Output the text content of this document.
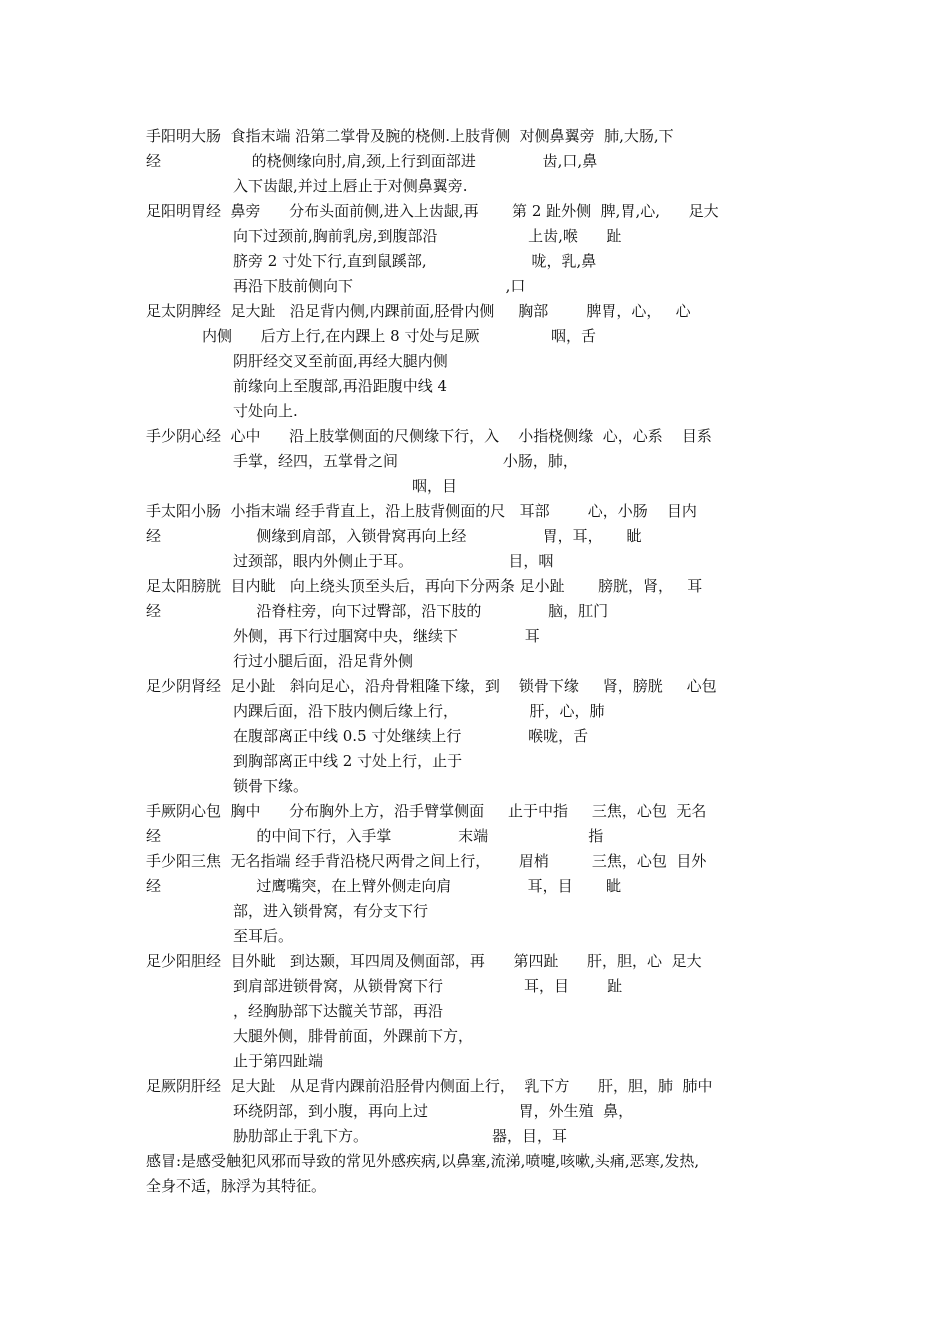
手阳明大肠  食指末端 沿第二掌骨及腕的桡侧.上肢背侧  对侧鼻翼旁  肺,大肠,下
经                   的桡侧缘向肘,肩,颈,上行到面部进              齿,口,鼻
入下齿龈,并过上唇止于对侧鼻翼旁.
足阳明胃经  鼻旁      分布头面前侧,进入上齿龈,再       第 2 趾外侧  脾,胃,心,      足大
向下过颈前,胸前乳房,到腹部沿                   上齿,喉      趾
脐旁 2 寸处下行,直到鼠蹊部,                      咙，乳,鼻
再沿下肢前侧向下                                ,口
足太阴脾经  足大趾   沿足背内侧,内踝前面,胫骨内侧     胸部        脾胃，心，   心
内侧      后方上行,在内踝上 8 寸处与足厥               咽，舌
阴肝经交叉至前面,再经大腿内侧
前缘向上至腹部,再沿距腹中线 4
寸处向上.
手少阴心经  心中      沿上肢掌侧面的尺侧缘下行，入    小指桡侧缘  心，心系    目系
手掌，经四，五掌骨之间                      小肠，肺，
咽，目
手太阳小肠  小指末端 经手背直上，沿上肢背侧面的尺   耳部        心，小肠    目内
经                    侧缘到肩部，入锁骨窝再向上经                胃，耳，     眦
过颈部，眼内外侧止于耳。                    目，咽
足太阳膀胱  目内眦   向上绕头顶至头后，再向下分两条 足小趾       膀胱，肾，   耳
经                    沿脊柱旁，向下过臀部，沿下肢的              脑，肛门
外侧，再下行过腘窝中央，继续下              耳
行过小腿后面，沿足背外侧
足少阴肾经  足小趾   斜向足心，沿舟骨粗隆下缘，到    锁骨下缘     肾，膀胱     心包
内踝后面，沿下肢内侧后缘上行，               肝，心，肺
在腹部离正中线 0.5 寸处继续上行              喉咙，舌
到胸部离正中线 2 寸处上行，止于
锁骨下缘。
手厥阴心包  胸中      分布胸外上方，沿手臂掌侧面     止于中指     三焦，心包  无名
经                    的中间下行，入手掌              末端                     指
手少阳三焦  无名指端 经手背沿桡尺两骨之间上行，      眉梢         三焦，心包  目外
经                    过鹰嘴突，在上臂外侧走向肩                耳，目       眦
部，进入锁骨窝，有分支下行
至耳后。
足少阳胆经  目外眦   到达颞，耳四周及侧面部，再      第四趾      肝，胆，心  足大
到肩部进锁骨窝，从锁骨窝下行                 耳，目        趾
，经胸胁部下达髋关节部，再沿
大腿外侧，腓骨前面，外踝前下方，
止于第四趾端
足厥阴肝经  足大趾   从足背内踝前沿胫骨内侧面上行，  乳下方      肝，胆，肺  肺中
环绕阴部，到小腹，再向上过                   胃，外生殖  鼻，
胁肋部止于乳下方。                          器，目，耳
感冒:是感受触犯风邪而导致的常见外感疾病,以鼻塞,流涕,喷嚏,咳嗽,头痛,恶寒,发热,
全身不适，脉浮为其特征。
